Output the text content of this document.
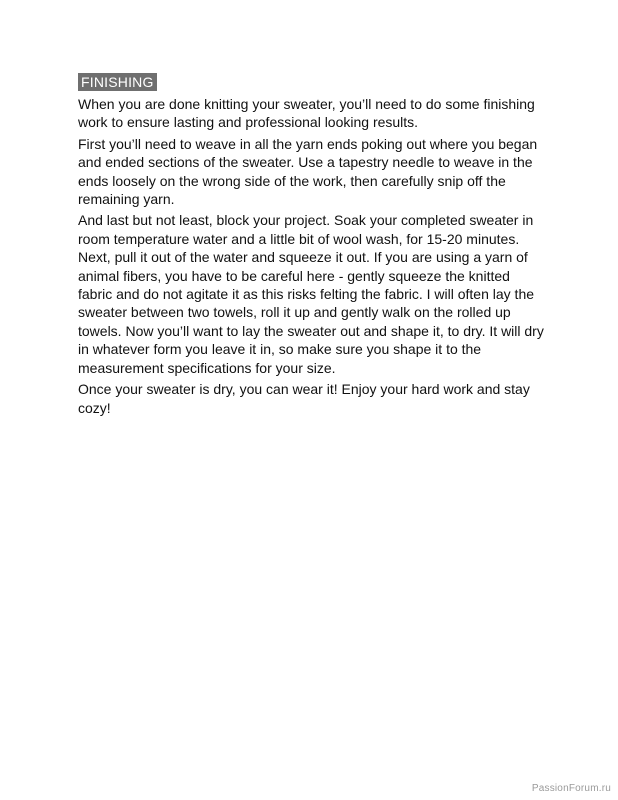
FINISHING

When you are done knitting your sweater, you’ll need to do some finishing work to ensure lasting and professional looking results.

First you’ll need to weave in all the yarn ends poking out where you began and ended sections of the sweater. Use a tapestry needle to weave in the ends loosely on the wrong side of the work, then carefully snip off the remaining yarn.

And last but not least, block your project. Soak your completed sweater in room temperature water and a little bit of wool wash, for 15-20 minutes. Next, pull it out of the water and squeeze it out. If you are using a yarn of animal fibers, you have to be careful here - gently squeeze the knitted fabric and do not agitate it as this risks felting the fabric. I will often lay the sweater between two towels, roll it up and gently walk on the rolled up towels. Now you’ll want to lay the sweater out and shape it, to dry. It will dry in whatever form you leave it in, so make sure you shape it to the measurement specifications for your size.

Once your sweater is dry, you can wear it! Enjoy your hard work and stay cozy!

PassionForum.ru
